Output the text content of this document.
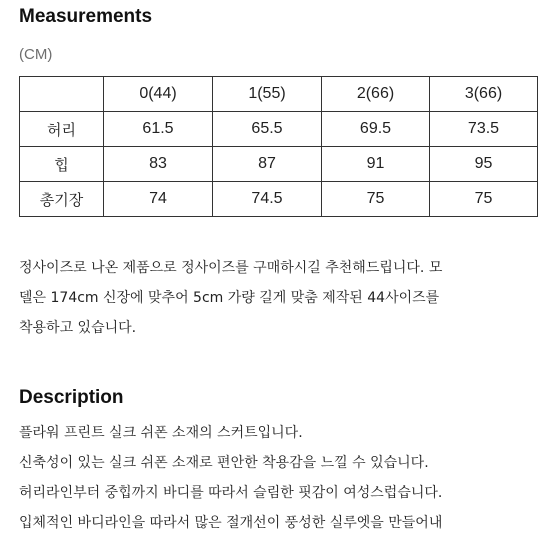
Measurements
(CM)
	0(44)	1(55)	2(66)	3(66)
허리	61.5	65.5	69.5	73.5
힙	83	87	91	95
총기장	74	74.5	75	75

정사이즈로 나온 제품으로 정사이즈를 구매하시길 추천해드립니다. 모

델은 174cm 신장에 맞추어 5cm 가량 길게 맞춤 제작된 44사이즈를

착용하고 있습니다.

Description

플라워 프린트 실크 쉬폰 소재의 스커트입니다.

신축성이 있는 실크 쉬폰 소재로 편안한 착용감을 느낄 수 있습니다.

허리라인부터 중힙까지 바디를 따라서 슬림한 핏감이 여성스럽습니다.

입체적인 바디라인을 따라서 많은 절개선이 풍성한 실루엣을 만들어내
